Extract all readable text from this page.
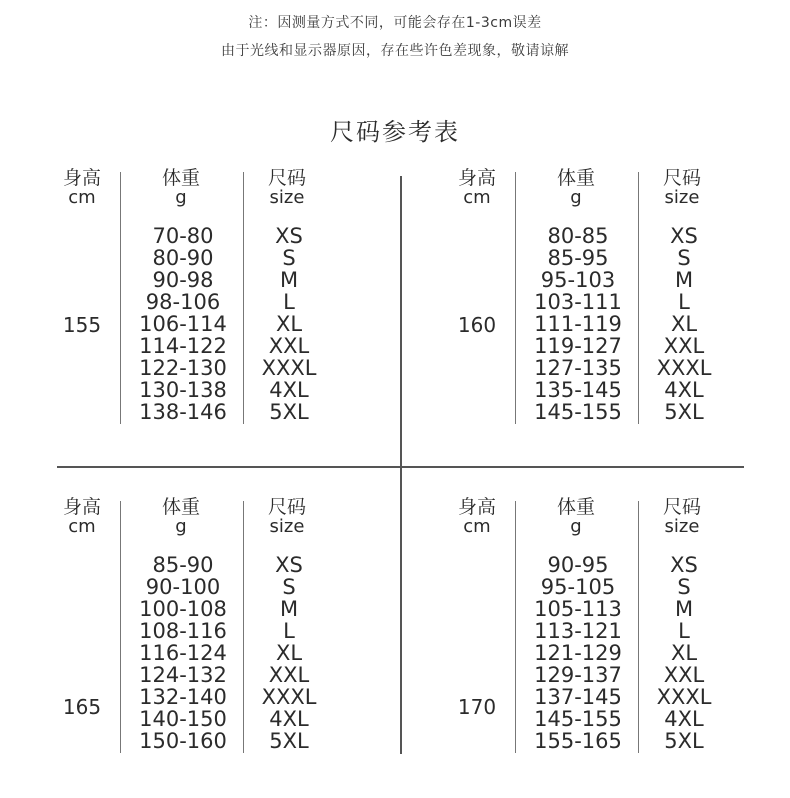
注：因测量方式不同，可能会存在1-3cm误差
由于光线和显示器原因，存在些许色差现象，敬请谅解
尺码参考表
身高
cm
体重
g
尺码
size
155
70-80
80-90
90-98
98-106
106-114
114-122
122-130
130-138
138-146
XS
S
M
L
XL
XXL
XXXL
4XL
5XL
身高
cm
体重
g
尺码
size
160
80-85
85-95
95-103
103-111
111-119
119-127
127-135
135-145
145-155
XS
S
M
L
XL
XXL
XXXL
4XL
5XL
身高
cm
体重
g
尺码
size
165
85-90
90-100
100-108
108-116
116-124
124-132
132-140
140-150
150-160
XS
S
M
L
XL
XXL
XXXL
4XL
5XL
身高
cm
体重
g
尺码
size
170
90-95
95-105
105-113
113-121
121-129
129-137
137-145
145-155
155-165
XS
S
M
L
XL
XXL
XXXL
4XL
5XL
